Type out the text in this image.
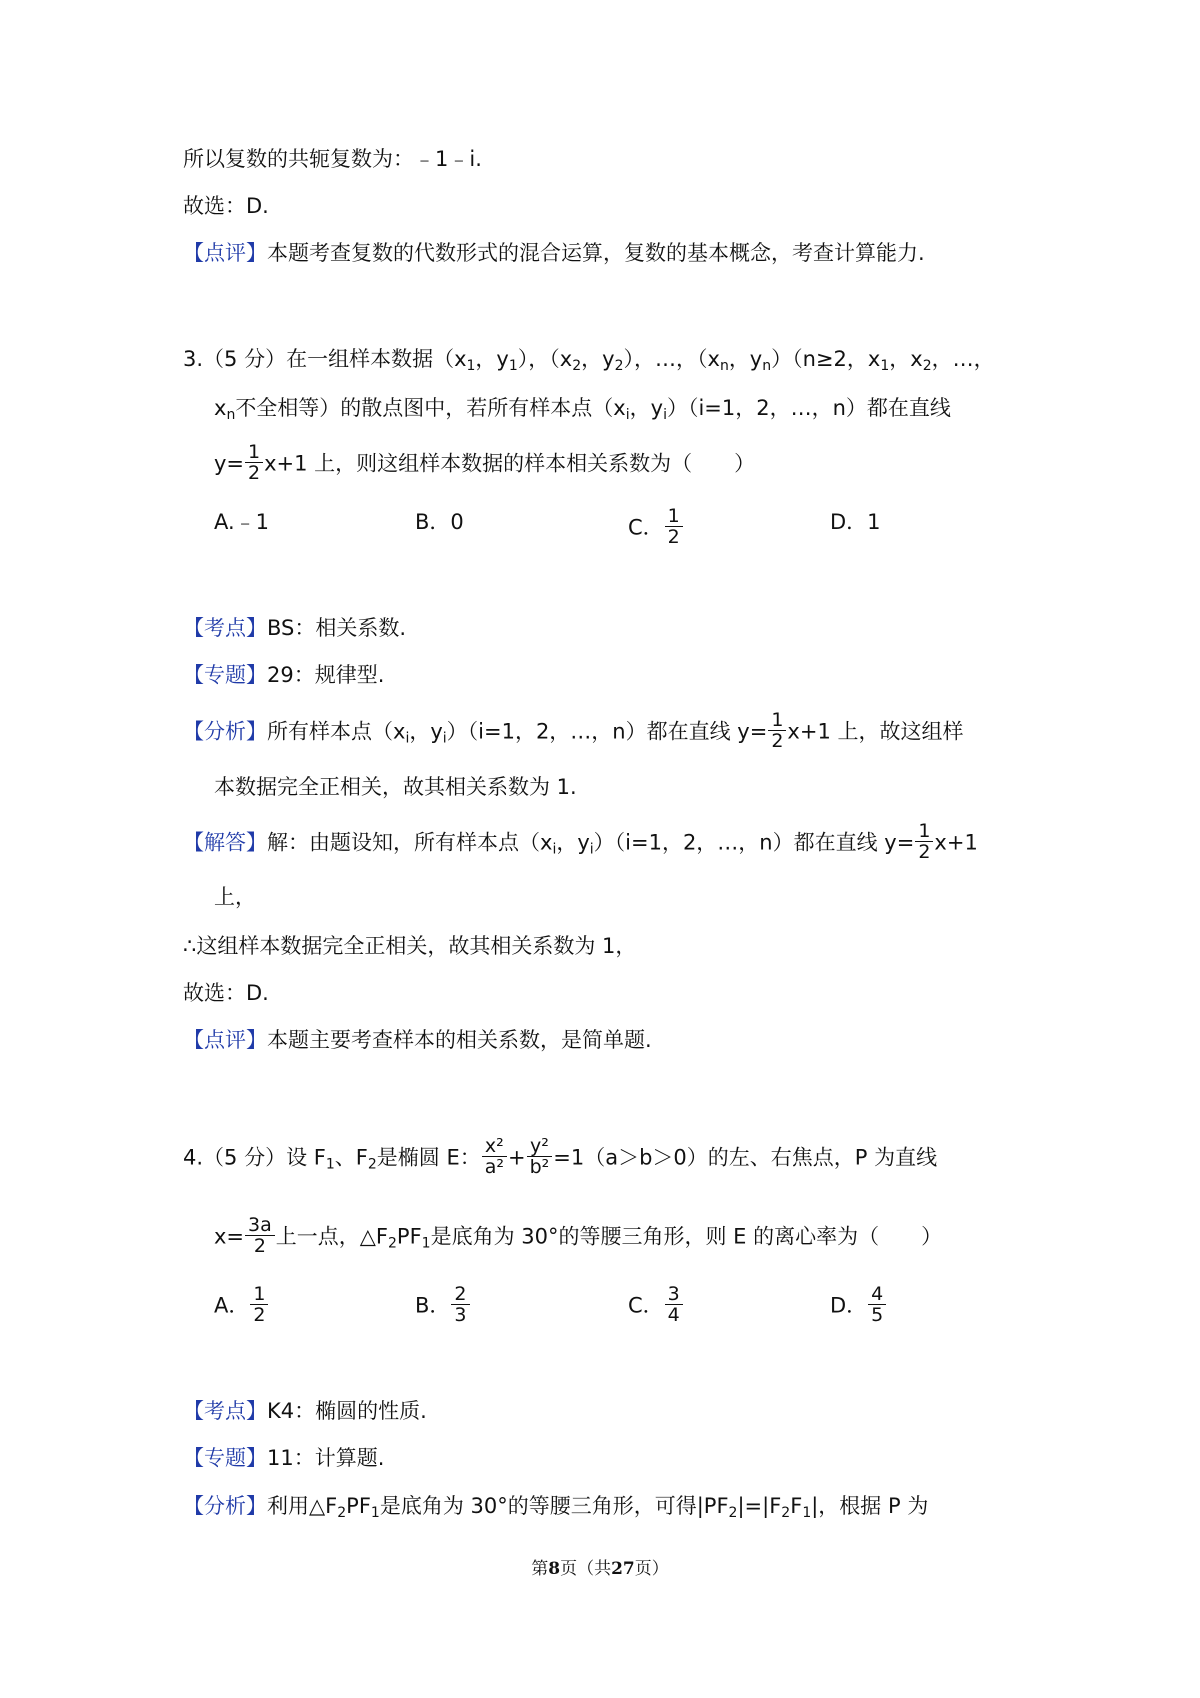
所以复数的共轭复数为：﹣1﹣i.
故选：D.
【点评】本题考查复数的代数形式的混合运算，复数的基本概念，考查计算能力.
3.（5 分）在一组样本数据（$x_1$，$y_1$），（$x_2$，$y_2$），…，（$x_n$，$y_n)(n\ge 2$，$x_1$，$x_2$，…，
$x_n$不全相等）的散点图中，若所有样本点（$x_i$，$y_i)(i=1$，2，…，n）都在直线
$y= \frac{1}{2} x+1$ 上，则这组样本数据的样本相关系数为（　　）
A.﹣1	B．0	C． $\frac{1}{2}$	D．1
【考点】BS：相关系数.
【专题】29：规律型.
【分析】所有样本点（$x_i$，$y_i)(i=1$，2，…，n）都在直线 $y= \frac{1}{2} x+1$ 上，故这组样
本数据完全正相关，故其相关系数为 1.
【解答】解：由题设知，所有样本点（$x_i$，$y_i)(i=1$，2，…，n）都在直线 $y= \frac{1}{2} x+1$
上，
∴这组样本数据完全正相关，故其相关系数为 1，
故选：D.
【点评】本题主要考查样本的相关系数，是简单题.
4.（5 分）设 $F_1$、$F_2$是椭圆 E： $\frac{\text{x²}}{\text{a²}} + \frac{\text{y²}}{\text{b²}} =1(a>b>0)$的左、右焦点，P 为直线
$x= \frac{3a}{2}$ 上一点，$\triangle F_2PF_1$是底角为 30°的等腰三角形，则 E 的离心率为（　　）
A． $\frac{1}{2}$	B． $\frac{2}{3}$	C． $\frac{3}{4}$	D． $\frac{4}{5}$
【考点】K4：椭圆的性质.
【专题】11：计算题.
【分析】利用$\triangle F_2PF_1$是底角为 30°的等腰三角形，可得$|PF_2|=|F_2F_1|$，根据 P 为
第8页（共27页）
